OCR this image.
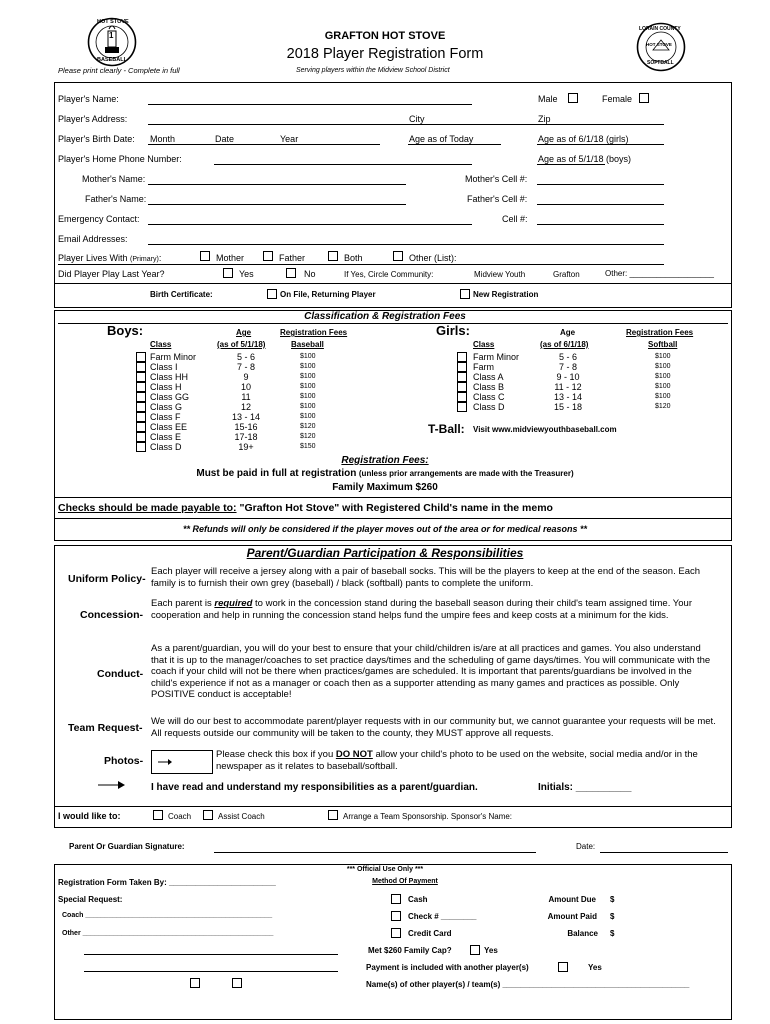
HOT STOVE
1
BASEBALL
LORAIN COUNTY
HOT STOVE
SOFTBALL
GRAFTON HOT STOVE
2018 Player Registration Form
Please print clearly - Complete in full	Serving players within the Midview School District
Player's Name:	Male	Female
Player's Address:	City	Zip
Player's Birth Date: Month	Date	Year	Age as of Today	Age as of 6/1/18 (girls)
Player's Home Phone Number:	Age as of 5/1/18 (boys)
Mother's Name:	Mother's Cell #:
Father's Name:	Father's Cell #:
Emergency Contact:	Cell #:
Email Addresses:
Player Lives With (Primary):	Mother	Father	Both	Other (List):
Did Player Play Last Year?	Yes	No	If Yes, Circle Community:	Midview Youth	Grafton	Other: ___________________
Birth Certificate:	On File, Returning Player	New Registration
Classification & Registration Fees
Boys:	Girls:
Age	Registration Fees
Class	(as of 5/1/18)	Baseball
Age	Registration Fees
Class	(as of 6/1/18)	Softball
Farm Minor	5 - 6	$100
Class I	7 - 8	$100
Class HH	9	$100
Class H	10	$100
Class GG	11	$100
Class G	12	$100
Class F	13 - 14	$100
Class EE	15-16	$120
Class E	17-18	$120
Class D	19+	$150
Farm Minor	5 - 6	$100
Farm	7 - 8	$100
Class A	9 - 10	$100
Class B	11 - 12	$100
Class C	13 - 14	$100
Class D	15 - 18	$120
T-Ball: Visit www.midviewyouthbaseball.com
Registration Fees:
Must be paid in full at registration (unless prior arrangements are made with the Treasurer)
Family Maximum $260
Checks should be made payable to: "Grafton Hot Stove" with Registered Child's name in the memo
** Refunds will only be considered if the player moves out of the area or for medical reasons **
Parent/Guardian Participation & Responsibilities
Uniform Policy-
Each player will receive a jersey along with a pair of baseball socks. This will be the players to keep at the end of the season. Each family is to furnish their own grey (baseball) / black (softball) pants to complete the uniform.
Concession-
Each parent is required to work in the concession stand during the baseball season during their child's team assigned time. Your cooperation and help in running the concession stand helps fund the umpire fees and keep costs at a minimum for the kids.
Conduct-
As a parent/guardian, you will do your best to ensure that your child/children is/are at all practices and games. You also understand that it is up to the manager/coaches to set practice days/times and the scheduling of game days/times. You will communicate with the coach if your child will not be there when practices/games are scheduled. It is important that parents/guardians be involved in the child's experience if not as a manager or coach then as a supporter attending as many games and practices as possible. Only POSITIVE conduct is acceptable!
Team Request-
We will do our best to accommodate parent/player requests with in our community but, we cannot guarantee your requests will be met. All requests outside our community will be taken to the county, they MUST approve all requests.
Photos-
Please check this box if you DO NOT allow your child's photo to be used on the website, social media and/or in the newspaper as it relates to baseball/softball.
I have read and understand my responsibilities as a parent/guardian.	Initials: __________
I would like to:	Coach	Assist Coach	Arrange a Team Sponsorship. Sponsor's Name:
Parent Or Guardian Signature:	Date:
*** Official Use Only ***
Method Of Payment
Registration Form Taken By: ________________________
Special Request:
Coach ________________________________________________
Other _________________________________________________
Cash
Check # ________
Credit Card
Amount Due $
Amount Paid $
Balance $
Met $260 Family Cap?	Yes
Payment is included with another player(s)	Yes
Name(s) of other player(s) / team(s) __________________________________________
